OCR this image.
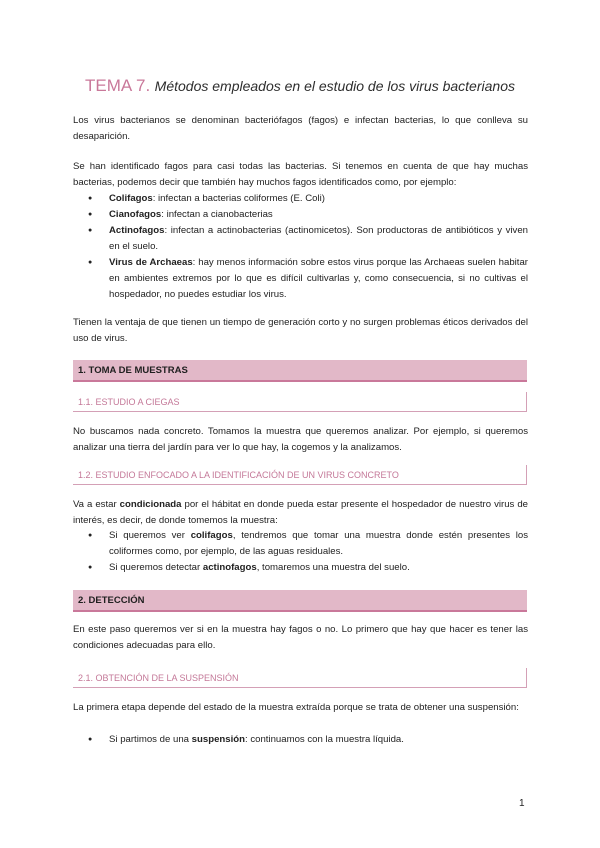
TEMA 7. Métodos empleados en el estudio de los virus bacterianos

Los virus bacterianos se denominan bacteriófagos (fagos) e infectan bacterias, lo que conlleva su desaparición.

Se han identificado fagos para casi todas las bacterias. Si tenemos en cuenta de que hay muchas bacterias, podemos decir que también hay muchos fagos identificados como, por ejemplo:

● Colifagos: infectan a bacterias coliformes (E. Coli)
● Cianofagos: infectan a cianobacterias
● Actinofagos: infectan a actinobacterias (actinomicetos). Son productoras de antibióticos y viven en el suelo.
● Virus de Archaeas: hay menos información sobre estos virus porque las Archaeas suelen habitar en ambientes extremos por lo que es difícil cultivarlas y, como consecuencia, si no cultivas el hospedador, no puedes estudiar los virus.

Tienen la ventaja de que tienen un tiempo de generación corto y no surgen problemas éticos derivados del uso de virus.

1. TOMA DE MUESTRAS
1.1. ESTUDIO A CIEGAS

No buscamos nada concreto. Tomamos la muestra que queremos analizar. Por ejemplo, si queremos analizar una tierra del jardín para ver lo que hay, la cogemos y la analizamos.

1.2. ESTUDIO ENFOCADO A LA IDENTIFICACIÓN DE UN VIRUS CONCRETO

Va a estar condicionada por el hábitat en donde pueda estar presente el hospedador de nuestro virus de interés, es decir, de donde tomemos la muestra:

● Si queremos ver colifagos, tendremos que tomar una muestra donde estén presentes los coliformes como, por ejemplo, de las aguas residuales.
● Si queremos detectar actinofagos, tomaremos una muestra del suelo.
2. DETECCIÓN

En este paso queremos ver si en la muestra hay fagos o no. Lo primero que hay que hacer es tener las condiciones adecuadas para ello.

2.1. OBTENCIÓN DE LA SUSPENSIÓN

La primera etapa depende del estado de la muestra extraída porque se trata de obtener una suspensión:

● Si partimos de una suspensión: continuamos con la muestra líquida.
1
